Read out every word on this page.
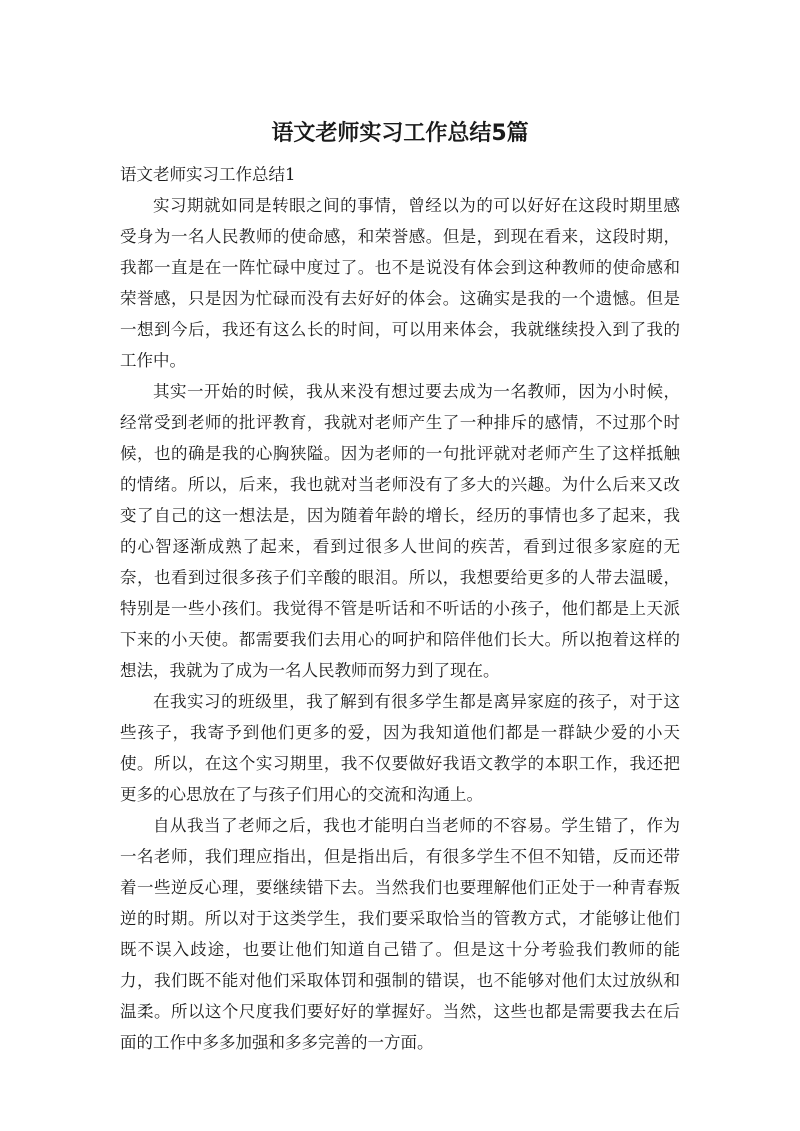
语文老师实习工作总结5篇

语文老师实习工作总结1

实习期就如同是转眼之间的事情，曾经以为的可以好好在这段时期里感受身为一名人民教师的使命感，和荣誉感。但是，到现在看来，这段时期，我都一直是在一阵忙碌中度过了。也不是说没有体会到这种教师的使命感和荣誉感，只是因为忙碌而没有去好好的体会。这确实是我的一个遗憾。但是一想到今后，我还有这么长的时间，可以用来体会，我就继续投入到了我的工作中。

其实一开始的时候，我从来没有想过要去成为一名教师，因为小时候，经常受到老师的批评教育，我就对老师产生了一种排斥的感情，不过那个时候，也的确是我的心胸狭隘。因为老师的一句批评就对老师产生了这样抵触的情绪。所以，后来，我也就对当老师没有了多大的兴趣。为什么后来又改变了自己的这一想法是，因为随着年龄的增长，经历的事情也多了起来，我的心智逐渐成熟了起来，看到过很多人世间的疾苦，看到过很多家庭的无奈，也看到过很多孩子们辛酸的眼泪。所以，我想要给更多的人带去温暖，特别是一些小孩们。我觉得不管是听话和不听话的小孩子，他们都是上天派下来的小天使。都需要我们去用心的呵护和陪伴他们长大。所以抱着这样的想法，我就为了成为一名人民教师而努力到了现在。

在我实习的班级里，我了解到有很多学生都是离异家庭的孩子，对于这些孩子，我寄予到他们更多的爱，因为我知道他们都是一群缺少爱的小天使。所以，在这个实习期里，我不仅要做好我语文教学的本职工作，我还把更多的心思放在了与孩子们用心的交流和沟通上。

自从我当了老师之后，我也才能明白当老师的不容易。学生错了，作为一名老师，我们理应指出，但是指出后，有很多学生不但不知错，反而还带着一些逆反心理，要继续错下去。当然我们也要理解他们正处于一种青春叛逆的时期。所以对于这类学生，我们要采取恰当的管教方式，才能够让他们既不误入歧途，也要让他们知道自己错了。但是这十分考验我们教师的能力，我们既不能对他们采取体罚和强制的错误，也不能够对他们太过放纵和温柔。所以这个尺度我们要好好的掌握好。当然，这些也都是需要我去在后面的工作中多多加强和多多完善的一方面。
